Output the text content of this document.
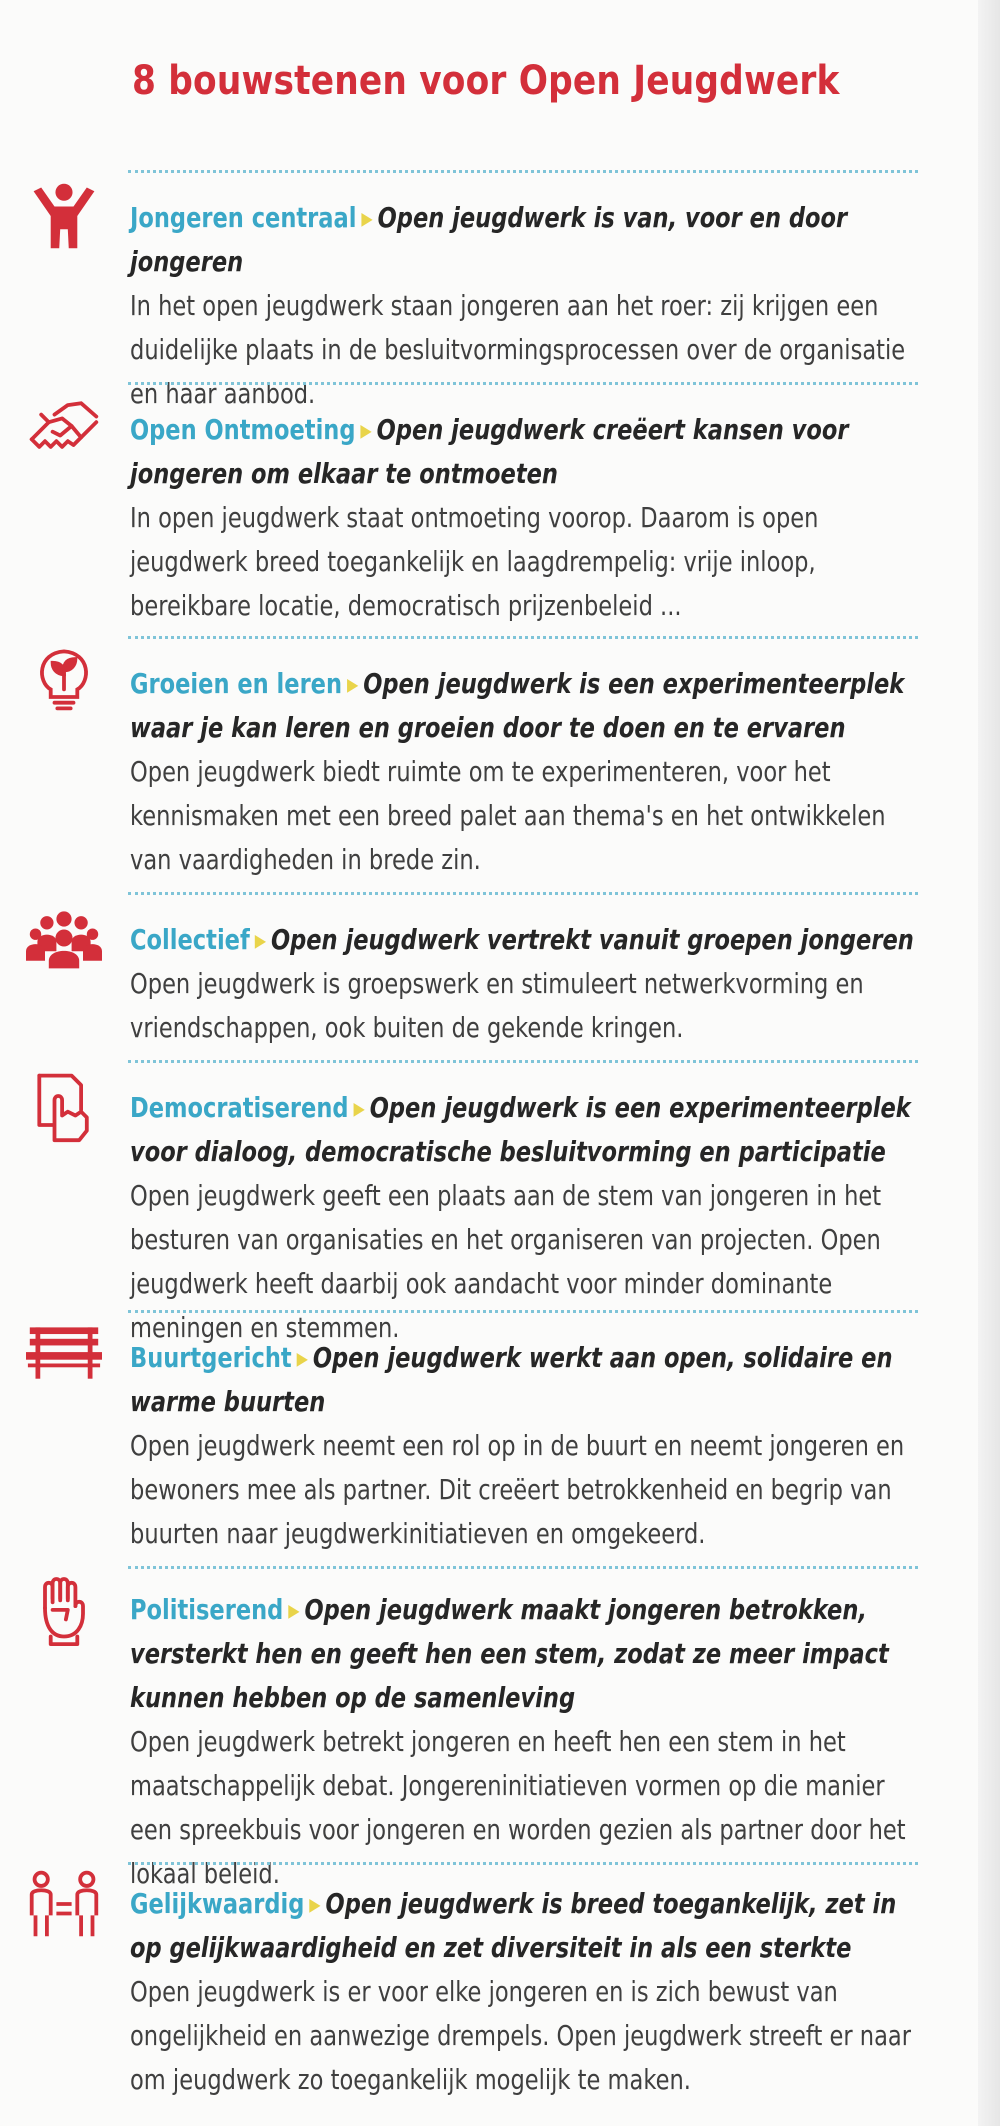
8 bouwstenen voor Open Jeugdwerk
Jongeren centraal ▸ Open jeugdwerk is van, voor en door jongeren
In het open jeugdwerk staan jongeren aan het roer: zij krijgen een duidelijke plaats in de besluitvormingsprocessen over de organisatie en haar aanbod.
Open Ontmoeting ▸ Open jeugdwerk creëert kansen voor jongeren om elkaar te ontmoeten
In open jeugdwerk staat ontmoeting voorop. Daarom is open jeugdwerk breed toegankelijk en laagdrempelig: vrije inloop, bereikbare locatie, democratisch prijzenbeleid ...
Groeien en leren ▸ Open jeugdwerk is een experimenteerplek waar je kan leren en groeien door te doen en te ervaren
Open jeugdwerk biedt ruimte om te experimenteren, voor het kennismaken met een breed palet aan thema's en het ontwikkelen van vaardigheden in brede zin.
Collectief ▸ Open jeugdwerk vertrekt vanuit groepen jongeren
Open jeugdwerk is groepswerk en stimuleert netwerkvorming en vriendschappen, ook buiten de gekende kringen.
Democratiserend ▸ Open jeugdwerk is een experimenteerplek voor dialoog, democratische besluitvorming en participatie
Open jeugdwerk geeft een plaats aan de stem van jongeren in het besturen van organisaties en het organiseren van projecten. Open jeugdwerk heeft daarbij ook aandacht voor minder dominante meningen en stemmen.
Buurtgericht ▸ Open jeugdwerk werkt aan open, solidaire en warme buurten
Open jeugdwerk neemt een rol op in de buurt en neemt jongeren en bewoners mee als partner. Dit creëert betrokkenheid en begrip van buurten naar jeugdwerkinitiatieven en omgekeerd.
Politiserend ▸ Open jeugdwerk maakt jongeren betrokken, versterkt hen en geeft hen een stem, zodat ze meer impact kunnen hebben op de samenleving
Open jeugdwerk betrekt jongeren en heeft hen een stem in het maatschappelijk debat. Jongereninitiatieven vormen op die manier een spreekbuis voor jongeren en worden gezien als partner door het lokaal beleid.
Gelijkwaardig ▸ Open jeugdwerk is breed toegankelijk, zet in op gelijkwaardigheid en zet diversiteit in als een sterkte
Open jeugdwerk is er voor elke jongeren en is zich bewust van ongelijkheid en aanwezige drempels. Open jeugdwerk streeft er naar om jeugdwerk zo toegankelijk mogelijk te maken.
